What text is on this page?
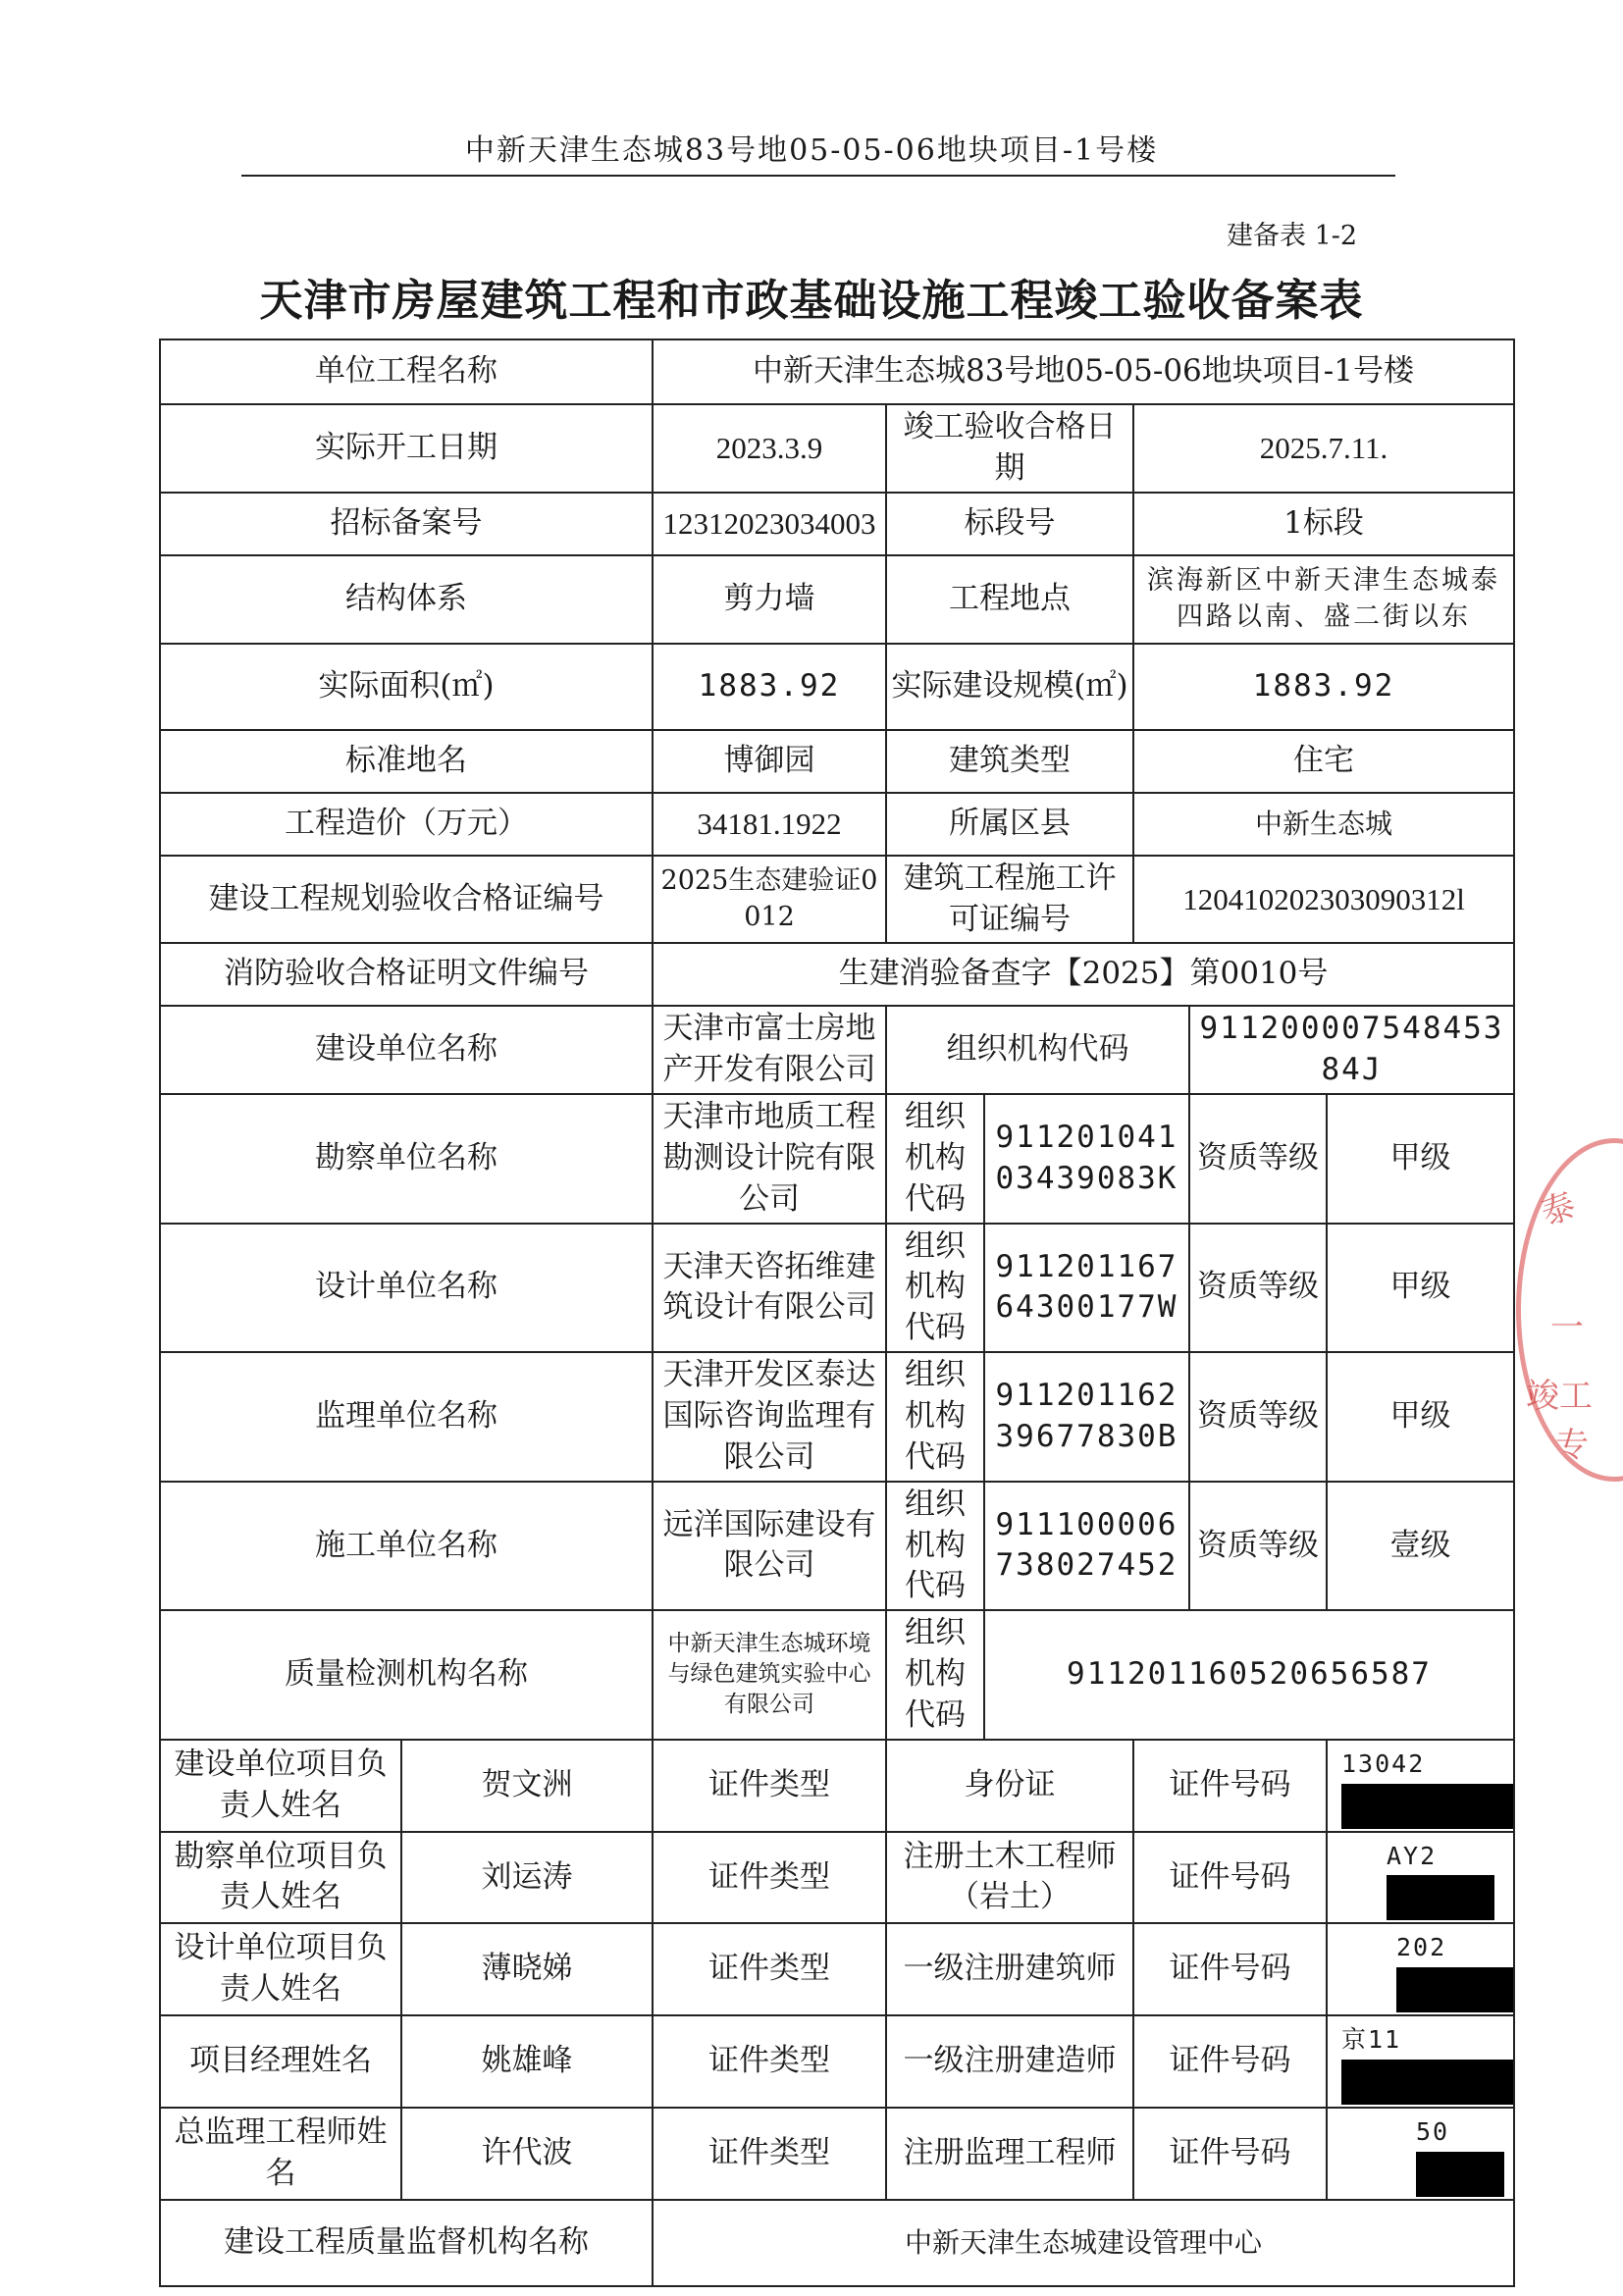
中新天津生态城83号地05-05-06地块项目-1号楼
建备表 1-2
天津市房屋建筑工程和市政基础设施工程竣工验收备案表
单位工程名称		中新天津生态城83号地05-05-06地块项目-1号楼					
实际开工日期		2023.3.9	竣工验收合格日期		2025.7.11.		
招标备案号		12312023034003	标段号		1标段		
结构体系		剪力墙	工程地点		滨海新区中新天津生态城泰四路以南、盛二街以东		
实际面积(㎡)		1883.92	实际建设规模(㎡)		1883.92		
标准地名		博御园	建筑类型		住宅		
工程造价（万元）		34181.1922	所属区县		中新生态城		
建设工程规划验收合格证编号		2025生态建验证0012	建筑工程施工许可证编号		120410202303090312l		
消防验收合格证明文件编号		生建消验备查字【2025】第0010号					
建设单位名称		天津市富士房地产开发有限公司	组织机构代码			91120000754845384J	
勘察单位名称		天津市地质工程勘测设计院有限公司	组织机构代码	91120104103439083K		资质等级	甲级
设计单位名称		天津天咨拓维建筑设计有限公司	组织机构代码	91120116764300177W		资质等级	甲级
监理单位名称		天津开发区泰达国际咨询监理有限公司	组织机构代码	91120116239677830B		资质等级	甲级
施工单位名称		远洋国际建设有限公司	组织机构代码	911100006738027452		资质等级	壹级
质量检测机构名称		中新天津生态城环境与绿色建筑实验中心有限公司	组织机构代码	911201160520656587			
建设单位项目负责人姓名	贺文洲	证件类型	身份证		证件号码		13042
勘察单位项目负责人姓名	刘运涛	证件类型	注册土木工程师（岩土）		证件号码		AY2
设计单位项目负责人姓名	薄晓娣	证件类型	一级注册建筑师		证件号码		202
项目经理姓名	姚雄峰	证件类型	一级注册建造师		证件号码		京11
总监理工程师姓名	许代波	证件类型	注册监理工程师		证件号码		50
建设工程质量监督机构名称		中新天津生态城建设管理中心					
泰
一
竣工
专
